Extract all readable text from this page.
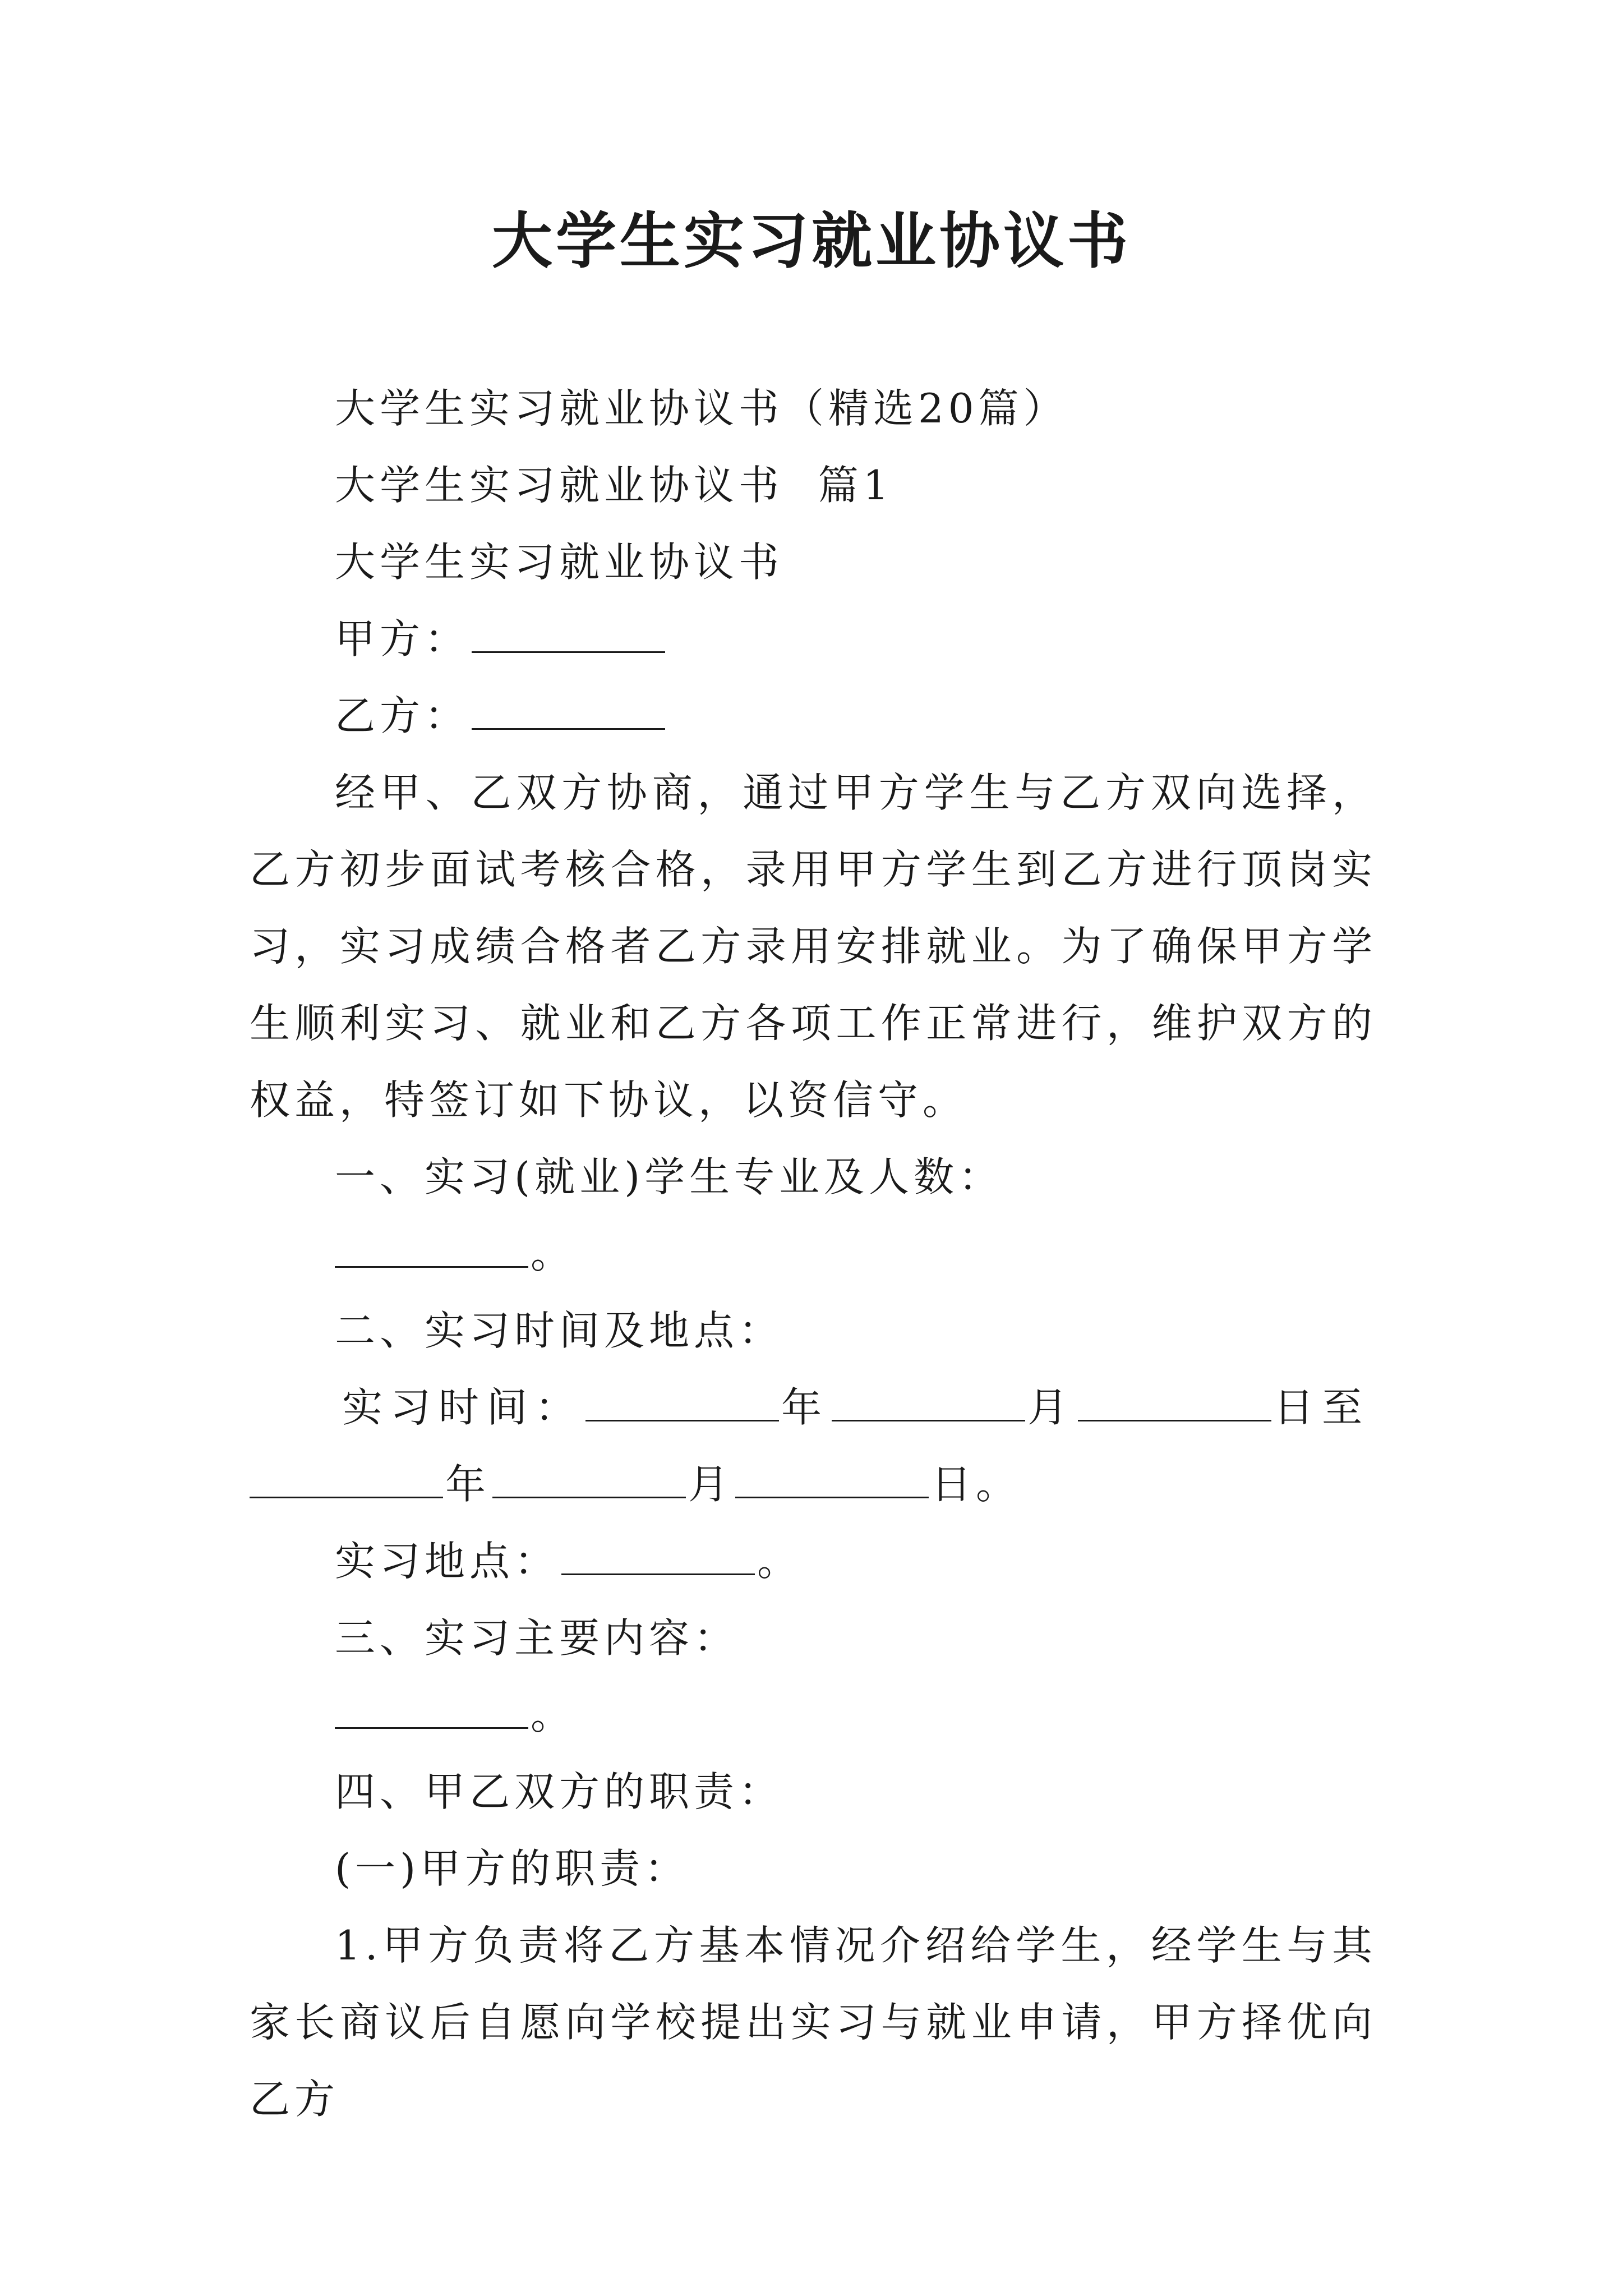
大学生实习就业协议书

大学生实习就业协议书（精选20篇）

大学生实习就业协议书  篇1

大学生实习就业协议书

甲方：

乙方：

经甲、乙双方协商，通过甲方学生与乙方双向选择，乙方初步面试考核合格，录用甲方学生到乙方进行顶岗实习，实习成绩合格者乙方录用安排就业。为了确保甲方学生顺利实习、就业和乙方各项工作正常进行，维护双方的权益，特签订如下协议，以资信守。

一、实习(就业)学生专业及人数：

。

二、实习时间及地点：

实习时间：	年	月	日至

年	月	日。

实习地点：	。

三、实习主要内容：

。

四、甲乙双方的职责：

(一)甲方的职责：

1.甲方负责将乙方基本情况介绍给学生，经学生与其家长商议后自愿向学校提出实习与就业申请，甲方择优向乙方
